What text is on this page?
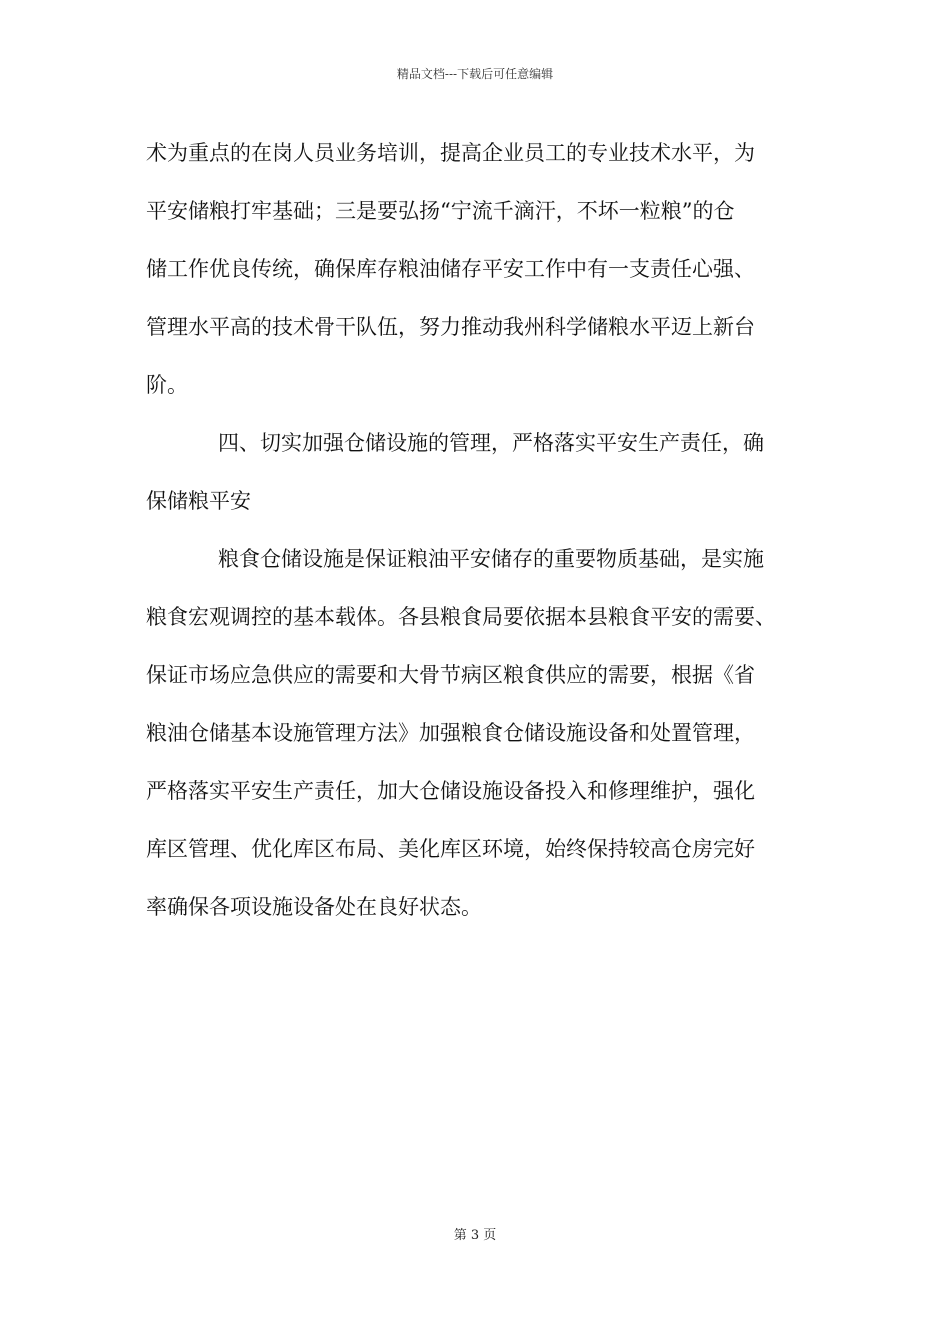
精品文档---下载后可任意编辑

术为重点的在岗人员业务培训，提高企业员工的专业技术水平，为

平安储粮打牢基础；三是要弘扬“宁流千滴汗，不坏一粒粮”的仓

储工作优良传统，确保库存粮油储存平安工作中有一支责任心强、

管理水平高的技术骨干队伍，努力推动我州科学储粮水平迈上新台

阶。

四、切实加强仓储设施的管理，严格落实平安生产责任，确

保储粮平安

粮食仓储设施是保证粮油平安储存的重要物质基础，是实施

粮食宏观调控的基本载体。各县粮食局要依据本县粮食平安的需要、

保证市场应急供应的需要和大骨节病区粮食供应的需要，根据《省

粮油仓储基本设施管理方法》加强粮食仓储设施设备和处置管理，

严格落实平安生产责任，加大仓储设施设备投入和修理维护，强化

库区管理、优化库区布局、美化库区环境，始终保持较高仓房完好

率确保各项设施设备处在良好状态。

第 3 页
